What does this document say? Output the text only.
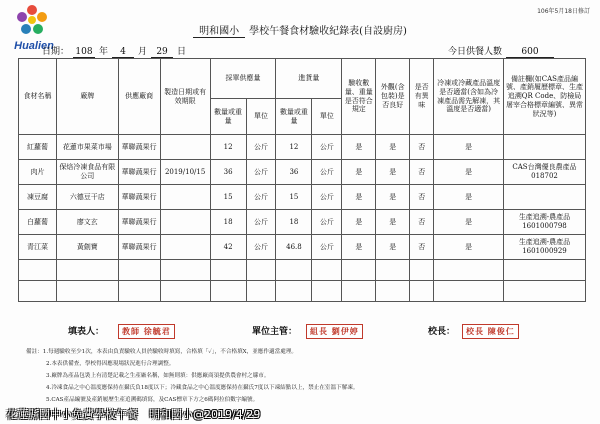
Hualien
106年5月18日修訂
明和國小 學校午餐食材驗收紀錄表(自設廚房)
日期： 108 年 4 月 29 日	今日供餐人數 600
食材名稱	廠牌	供應廠商	製造日期或有效期限	採單供應量		進貨量		驗收數量、重量是否符合規定	外觀(含包裝)是否良好	是否有異味	冷凍或冷藏產品溫度是否適當(含如為冷凍產品需先解凍，其溫度是否適當)	備註欄(如CAS產品編號、產銷履歷標章、生產追溯QR Code、防檢局屠宰合格標章編號、異常狀況等)
				數量或重量	單位	數量或重量	單位					
紅蘿蔔	花蓮市果菜市場	華聯蔬果行		12	公斤	12	公斤	是	是	否	是	
肉片	保焙冷凍食品有限公司	華聯蔬果行	2019/10/15	36	公斤	36	公斤	是	是	否	是	CAS台灣優良農產品018702
凍豆腐	六德豆干店	華聯蔬果行		15	公斤	15	公斤	是	是	否	是	
白蘿蔔	廖文玄	華聯蔬果行		18	公斤	18	公斤	是	是	否	是	生產追溯-農產品1601000798
青江菜	黃劍寶	華聯蔬果行		42	公斤	46.8	公斤	是	是	否	是	生產追溯-農產品1601000929

填表人：	教師 徐毓君	單位主管：	組長 劉伊婷	校長：	校長 陳俊仁
備註：1.每週驗收至少1次，本表由負責驗收人員於驗收時填寫，合格填「✓」，不合格填X，並應作適當處理。
2.本表供備查，學校得因應現場狀況進行合理調整。
3.廠牌為產品包裝上有清楚記載之生產廠名稱，如無則填：供應廠商須提供農會村之縣市。
4.冷凍食品之中心溫度應保持在攝氏負18度以下；冷藏食品之中心溫度應保持在攝氏7度以下凍結點以上，禁止在室溫下解凍。
5.CAS產品編號及產銷履歷生產追溯碼填寫，及CAS標章下方之6碼阿拉伯數字編號。
花蓮縣國中小免費學校午餐　明和國小@2019/4/29
